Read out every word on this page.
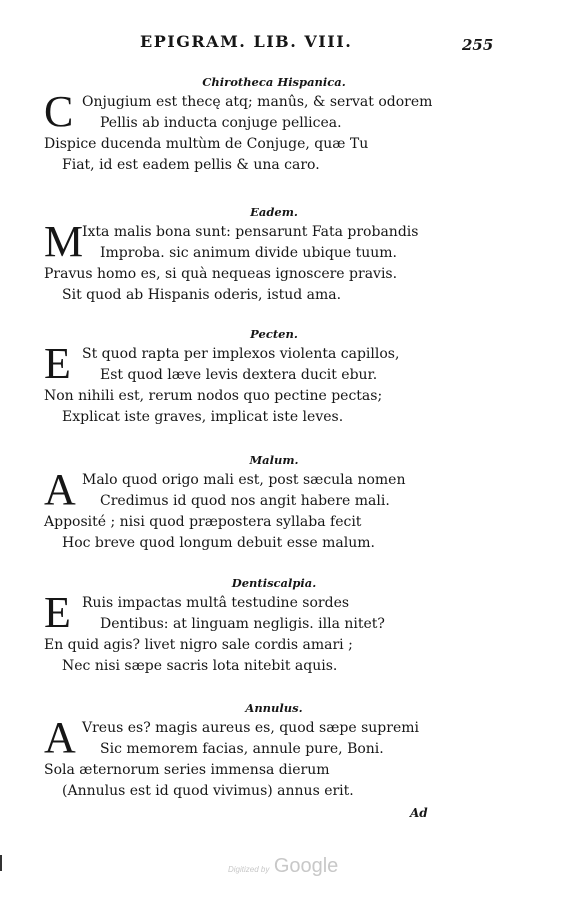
EPIGRAM. LIB. VIII.	255
Chirotheca Hispanica.
C Onjugium est thecę atq; manûs, & servat odorem
Pellis ab inducta conjuge pellicea.
Dispice ducenda multùm de Conjuge, quæ Tu
Fiat, id est eadem pellis & una caro.
Eadem.
M
Ixta malis bona sunt: pensarunt Fata probandis
Improba. sic animum divide ubique tuum.
Pravus homo es, si quà nequeas ignoscere pravis.
Sit quod ab Hispanis oderis, istud ama.
Pecten.
E St quod rapta per implexos violenta capillos,
Est quod læve levis dextera ducit ebur.
Non nihili est, rerum nodos quo pectine pectas;
Explicat iste graves, implicat iste leves.
Malum.
A Malo quod origo mali est, post sæcula nomen
Credimus id quod nos angit habere mali.
Apposité ; nisi quod præpostera syllaba fecit
Hoc breve quod longum debuit esse malum.
Dentiscalpia.
E Ruis impactas multâ testudine sordes
Dentibus: at linguam negligis. illa nitet?
En quid agis? livet nigro sale cordis amari ;
Nec nisi sæpe sacris lota nitebit aquis.
Annulus.
A Vreus es? magis aureus es, quod sæpe supremi
Sic memorem facias, annule pure, Boni.
Sola æternorum series immensa dierum
(Annulus est id quod vivimus) annus erit.
Ad
Digitized by Google
